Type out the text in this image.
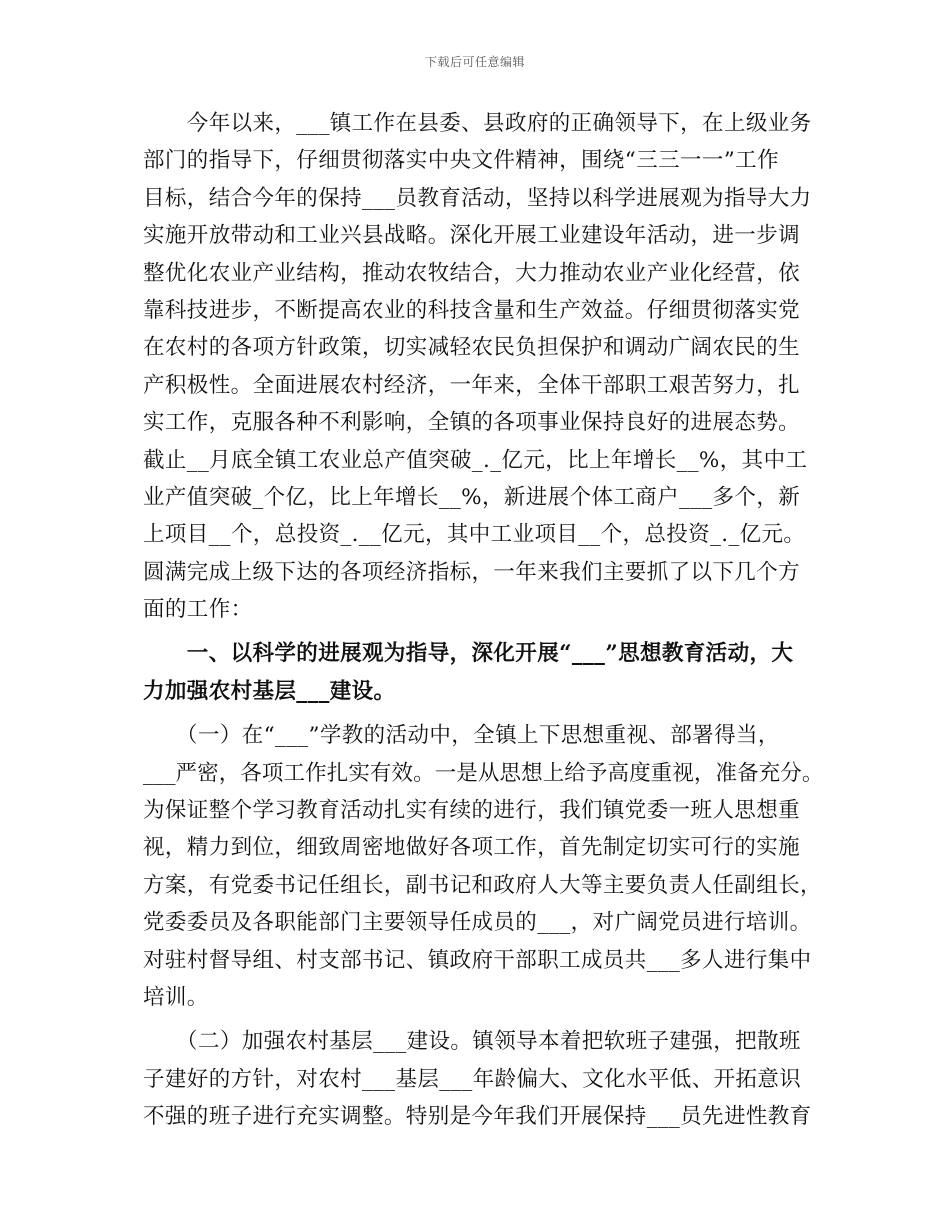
下载后可任意编辑
　　今年以来，___镇工作在县委、县政府的正确领导下，在上级业务
部门的指导下，仔细贯彻落实中央文件精神，围绕“三三一一”工作
目标，结合今年的保持___员教育活动，坚持以科学进展观为指导大力
实施开放带动和工业兴县战略。深化开展工业建设年活动，进一步调
整优化农业产业结构，推动农牧结合，大力推动农业产业化经营，依
靠科技进步，不断提高农业的科技含量和生产效益。仔细贯彻落实党
在农村的各项方针政策，切实减轻农民负担保护和调动广阔农民的生
产积极性。全面进展农村经济，一年来，全体干部职工艰苦努力，扎
实工作，克服各种不利影响，全镇的各项事业保持良好的进展态势。
截止__月底全镇工农业总产值突破_._亿元，比上年增长__%，其中工
业产值突破_个亿，比上年增长__%，新进展个体工商户___多个，新
上项目__个，总投资_.__亿元，其中工业项目__个，总投资_._亿元。
圆满完成上级下达的各项经济指标，一年来我们主要抓了以下几个方
面的工作：
　　一、以科学的进展观为指导，深化开展“___”思想教育活动，大
力加强农村基层___建设。
　　（一）在“___”学教的活动中，全镇上下思想重视、部署得当，
___严密，各项工作扎实有效。一是从思想上给予高度重视，准备充分。
为保证整个学习教育活动扎实有续的进行，我们镇党委一班人思想重
视，精力到位，细致周密地做好各项工作，首先制定切实可行的实施
方案，有党委书记任组长，副书记和政府人大等主要负责人任副组长，
党委委员及各职能部门主要领导任成员的___，对广阔党员进行培训。
对驻村督导组、村支部书记、镇政府干部职工成员共___多人进行集中
培训。
　　（二）加强农村基层___建设。镇领导本着把软班子建强，把散班
子建好的方针，对农村___基层___年龄偏大、文化水平低、开拓意识
不强的班子进行充实调整。特别是今年我们开展保持___员先进性教育
